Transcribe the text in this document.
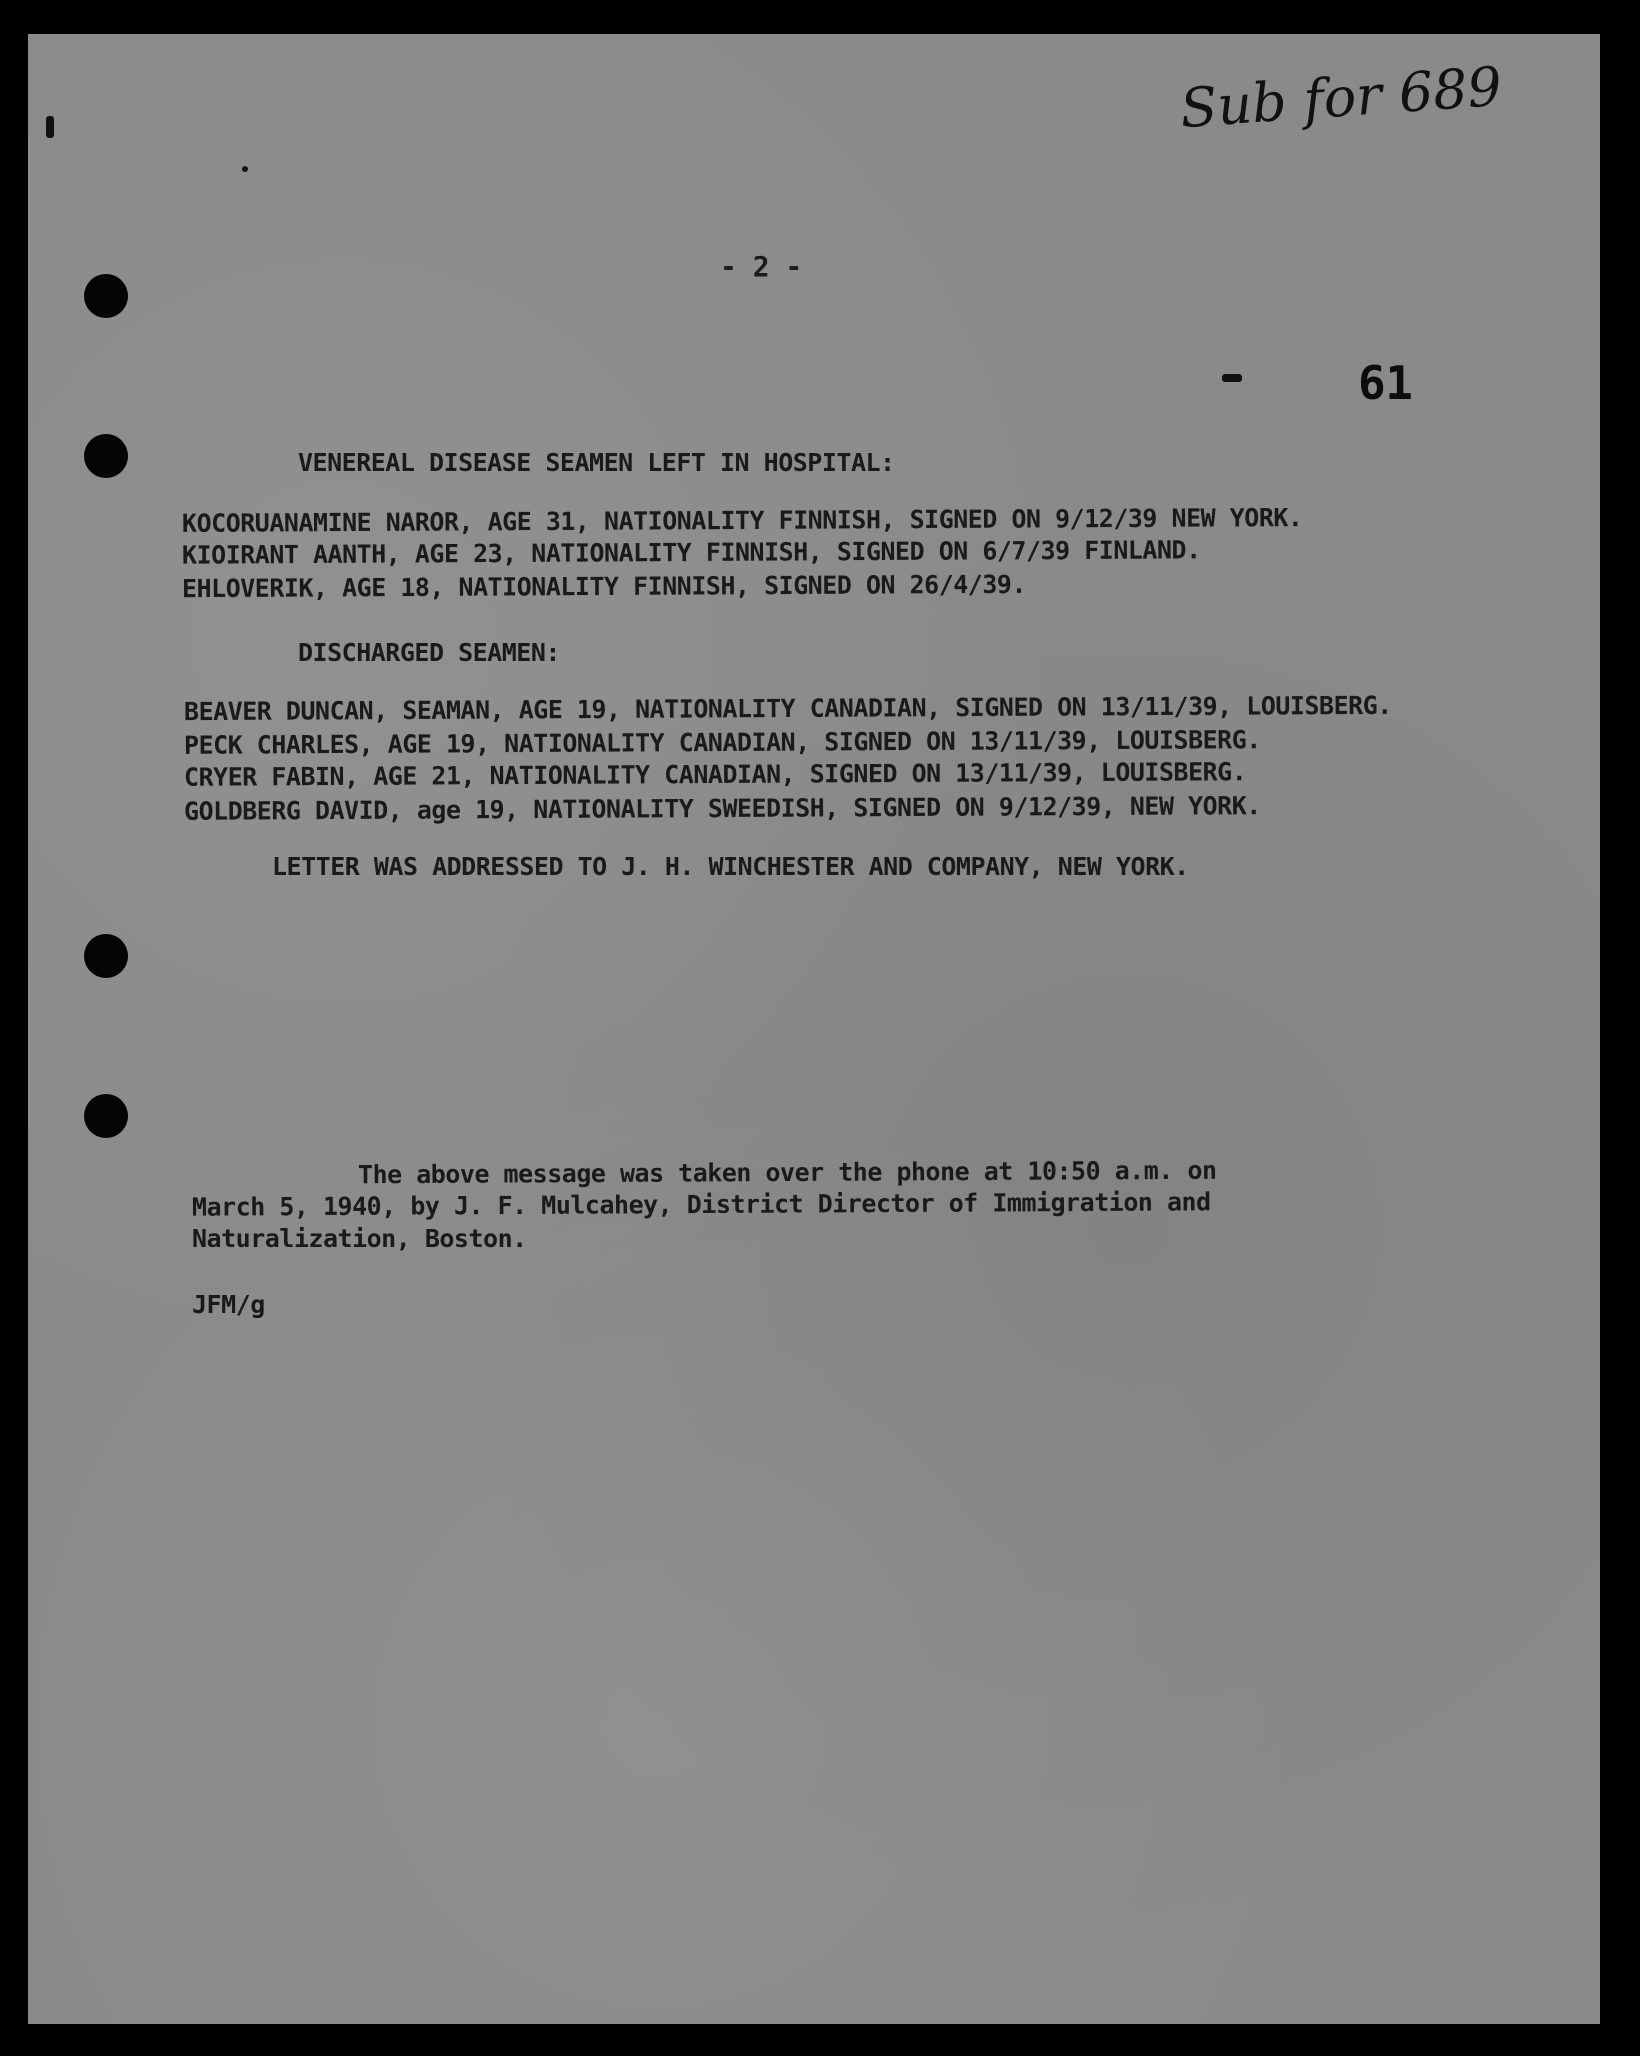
Sub for 689

- 2 -

61

VENEREAL DISEASE SEAMEN LEFT IN HOSPITAL:

KOCORUANAMINE NAROR, AGE 31, NATIONALITY FINNISH, SIGNED ON 9/12/39 NEW YORK.

KIOIRANT AANTH, AGE 23, NATIONALITY FINNISH, SIGNED ON 6/7/39 FINLAND.

EHLOVERIK, AGE 18, NATIONALITY FINNISH, SIGNED ON 26/4/39.

DISCHARGED SEAMEN:

BEAVER DUNCAN, SEAMAN, AGE 19, NATIONALITY CANADIAN, SIGNED ON 13/11/39, LOUISBERG.

PECK CHARLES, AGE 19, NATIONALITY CANADIAN, SIGNED ON 13/11/39, LOUISBERG.

CRYER FABIN, AGE 21, NATIONALITY CANADIAN, SIGNED ON 13/11/39, LOUISBERG.

GOLDBERG DAVID, age 19, NATIONALITY SWEEDISH, SIGNED ON 9/12/39, NEW YORK.

LETTER WAS ADDRESSED TO J. H. WINCHESTER AND COMPANY, NEW YORK.

The above message was taken over the phone at 10:50 a.m. on

March 5, 1940, by J. F. Mulcahey, District Director of Immigration and

Naturalization, Boston.

JFM/g
